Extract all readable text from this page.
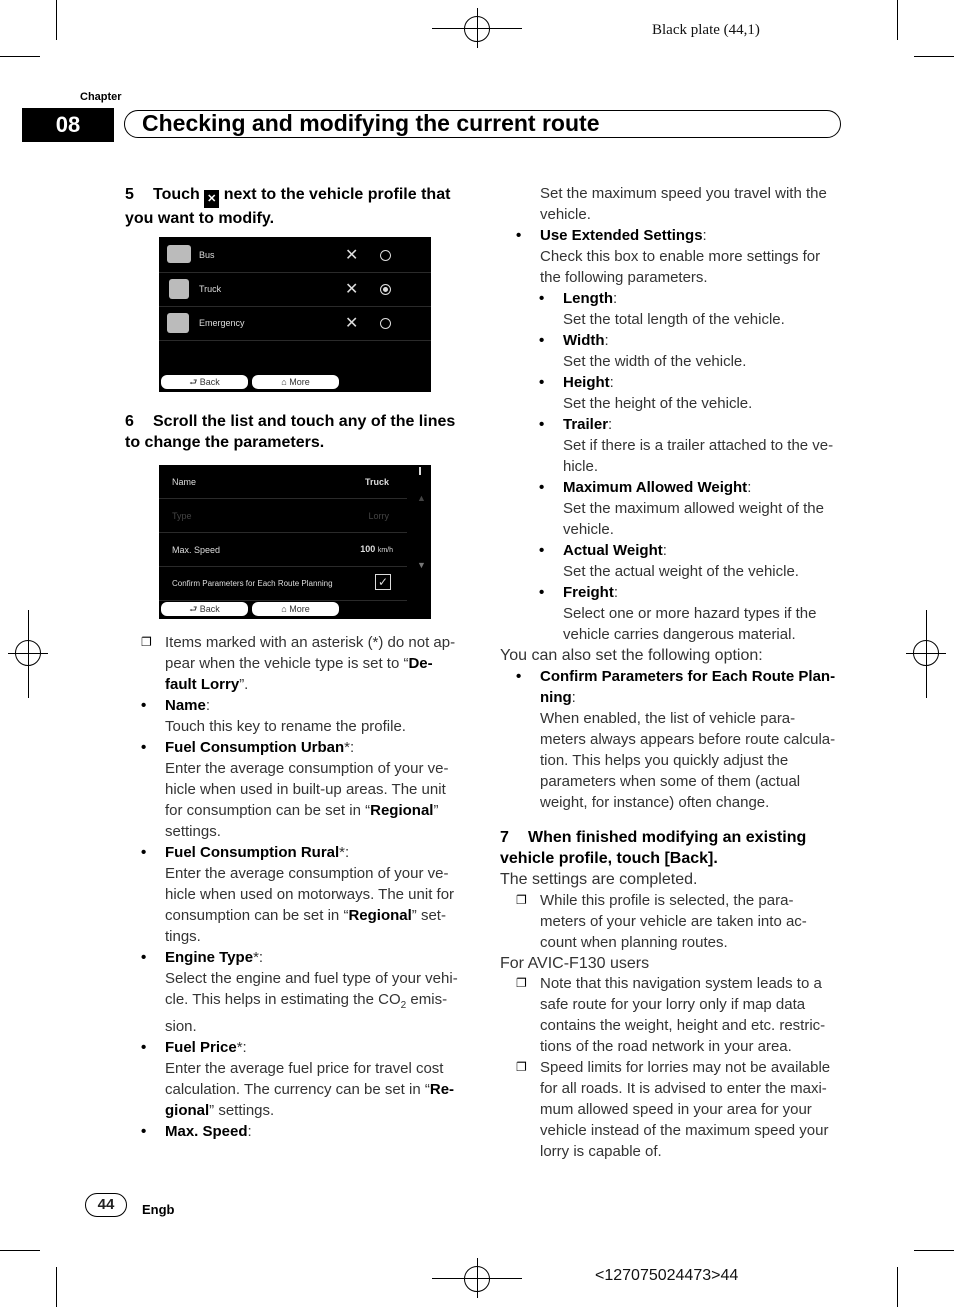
Black plate (44,1)
Chapter
08	Checking and modifying the current route
5 Touch ✕ next to the vehicle profile that
you want to modify.
Bus	✕
Truck	✕
Emergency	✕
⮐ Back	⌂ More
6 Scroll the list and touch any of the lines
to change the parameters.
Name	Truck
Type	Lorry
Max. Speed	100 km/h
Confirm Parameters for Each Route Planning	✓
▲
▼
⮐ Back	⌂ More
❐ Items marked with an asterisk (*) do not ap-
pear when the vehicle type is set to “De-
fault Lorry”.
• Name:
Touch this key to rename the profile.
• Fuel Consumption Urban*:
Enter the average consumption of your ve-
hicle when used in built-up areas. The unit
for consumption can be set in “Regional”
settings.
• Fuel Consumption Rural*:
Enter the average consumption of your ve-
hicle when used on motorways. The unit for
consumption can be set in “Regional” set-
tings.
• Engine Type*:
Select the engine and fuel type of your vehi-
cle. This helps in estimating the $CO_2$ emis-
sion.
• Fuel Price*:
Enter the average fuel price for travel cost
calculation. The currency can be set in “Re-
gional” settings.
• Max. Speed:
Set the maximum speed you travel with the
vehicle.
• Use Extended Settings:
Check this box to enable more settings for
the following parameters.
• Length:
Set the total length of the vehicle.
• Width:
Set the width of the vehicle.
• Height:
Set the height of the vehicle.
• Trailer:
Set if there is a trailer attached to the ve-
hicle.
• Maximum Allowed Weight:
Set the maximum allowed weight of the
vehicle.
• Actual Weight:
Set the actual weight of the vehicle.
• Freight:
Select one or more hazard types if the
vehicle carries dangerous material.
You can also set the following option:
• Confirm Parameters for Each Route Plan-
ning:
When enabled, the list of vehicle para-
meters always appears before route calcula-
tion. This helps you quickly adjust the
parameters when some of them (actual
weight, for instance) often change.
7 When finished modifying an existing
vehicle profile, touch [Back].
The settings are completed.
❐ While this profile is selected, the para-
meters of your vehicle are taken into ac-
count when planning routes.
For AVIC-F130 users
❐ Note that this navigation system leads to a
safe route for your lorry only if map data
contains the weight, height and etc. restric-
tions of the road network in your area.
❐ Speed limits for lorries may not be available
for all roads. It is advised to enter the maxi-
mum allowed speed in your area for your
vehicle instead of the maximum speed your
lorry is capable of.
44	Engb
<127075024473>44
